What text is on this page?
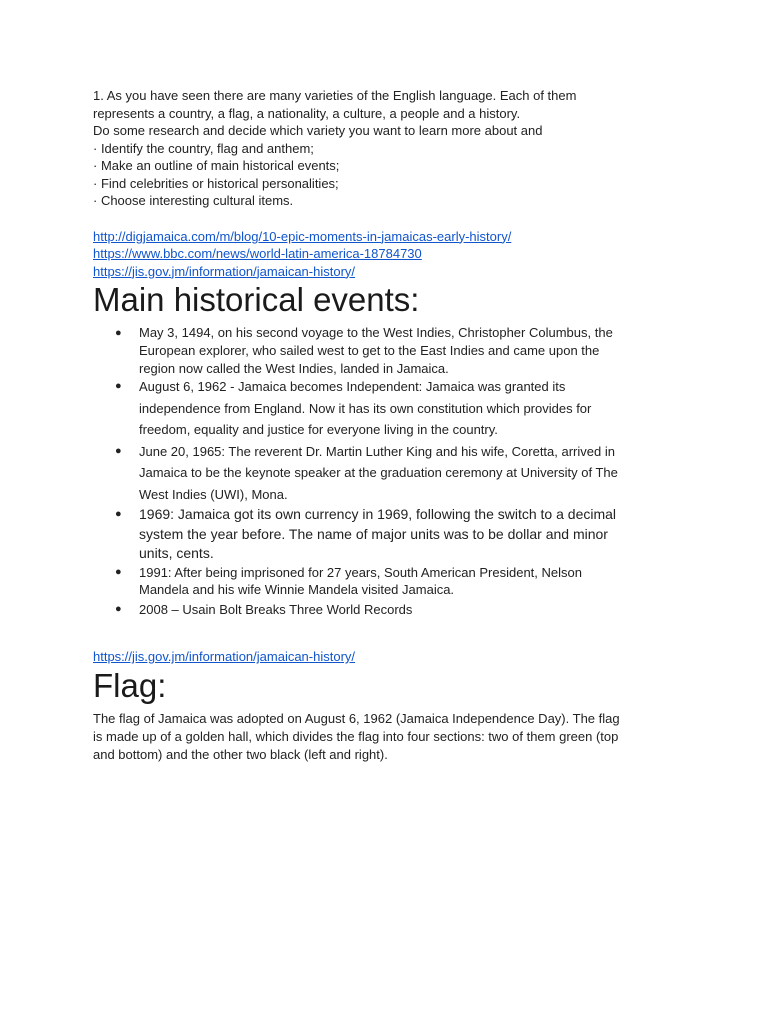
1. As you have seen there are many varieties of the English language. Each of them

represents a country, a flag, a nationality, a culture, a people and a history.

Do some research and decide which variety you want to learn more about and

· Identify the country, flag and anthem;

· Make an outline of main historical events;

· Find celebrities or historical personalities;

· Choose interesting cultural items.

http://digjamaica.com/m/blog/10-epic-moments-in-jamaicas-early-history/
https://www.bbc.com/news/world-latin-america-18784730
https://jis.gov.jm/information/jamaican-history/
Main historical events:
● May 3, 1494, on his second voyage to the West Indies, Christopher Columbus, the
European explorer, who sailed west to get to the East Indies and came upon the
region now called the West Indies, landed in Jamaica.
● August 6, 1962 - Jamaica becomes Independent: Jamaica was granted its
independence from England. Now it has its own constitution which provides for
freedom, equality and justice for everyone living in the country.
● June 20, 1965: The reverent Dr. Martin Luther King and his wife, Coretta, arrived in
Jamaica to be the keynote speaker at the graduation ceremony at University of The
West Indies (UWI), Mona.
● 1969: Jamaica got its own currency in 1969, following the switch to a decimal
system the year before. The name of major units was to be dollar and minor
units, cents.
● 1991: After being imprisoned for 27 years, South American President, Nelson
Mandela and his wife Winnie Mandela visited Jamaica.
● 2008 – Usain Bolt Breaks Three World Records
https://jis.gov.jm/information/jamaican-history/
Flag:

The flag of Jamaica was adopted on August 6, 1962 (Jamaica Independence Day). The flag
is made up of a golden hall, which divides the flag into four sections: two of them green (top
and bottom) and the other two black (left and right).
